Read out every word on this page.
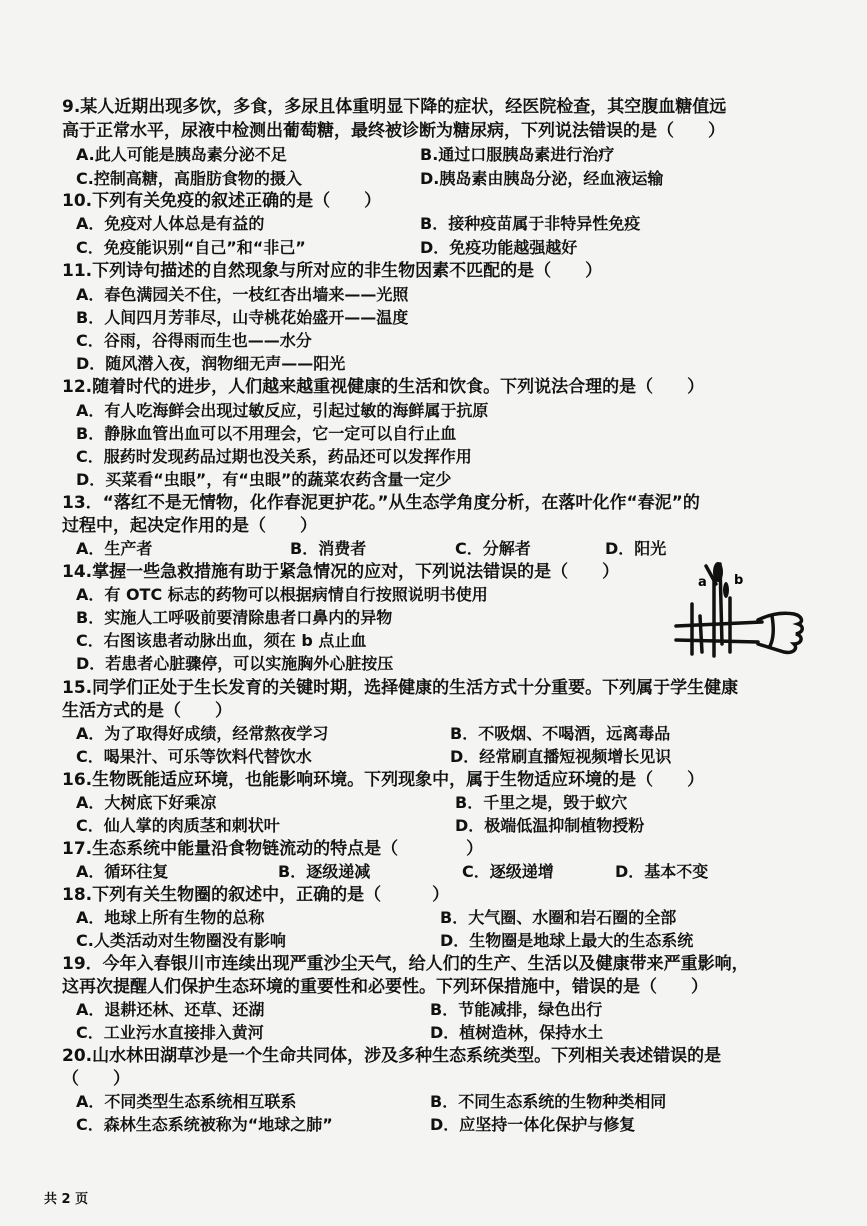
9.某人近期出现多饮，多食，多尿且体重明显下降的症状，经医院检查，其空腹血糖值远
高于正常水平，尿液中检测出葡萄糖，最终被诊断为糖尿病，下列说法错误的是（　　）
A.此人可能是胰岛素分泌不足	B.通过口服胰岛素进行治疗
C.控制高糖，高脂肪食物的摄入	D.胰岛素由胰岛分泌，经血液运输
10.下列有关免疫的叙述正确的是（　　）
A．免疫对人体总是有益的	B．接种疫苗属于非特异性免疫
C．免疫能识别“自己”和“非己”	D．免疫功能越强越好
11.下列诗句描述的自然现象与所对应的非生物因素不匹配的是（　　）
A．春色满园关不住，一枝红杏出墙来——光照
B．人间四月芳菲尽，山寺桃花始盛开——温度
C．谷雨，谷得雨而生也——水分
D．随风潜入夜，润物细无声——阳光
12.随着时代的进步，人们越来越重视健康的生活和饮食。下列说法合理的是（　　）
A．有人吃海鲜会出现过敏反应，引起过敏的海鲜属于抗原
B．静脉血管出血可以不用理会，它一定可以自行止血
C．服药时发现药品过期也没关系，药品还可以发挥作用
D．买菜看“虫眼”，有“虫眼”的蔬菜农药含量一定少
13．“落红不是无情物，化作春泥更护花。”从生态学角度分析，在落叶化作“春泥”的
过程中，起决定作用的是（　　）
A．生产者	B．消费者	C．分解者	D．阳光
14.掌握一些急救措施有助于紧急情况的应对，下列说法错误的是（　　）
A．有 OTC 标志的药物可以根据病情自行按照说明书使用
B．实施人工呼吸前要清除患者口鼻内的异物
C．右图该患者动脉出血，须在 b 点止血
D．若患者心脏骤停，可以实施胸外心脏按压
a b
15.同学们正处于生长发育的关键时期，选择健康的生活方式十分重要。下列属于学生健康
生活方式的是（　　）
A．为了取得好成绩，经常熬夜学习	B．不吸烟、不喝酒，远离毒品
C．喝果汁、可乐等饮料代替饮水	D．经常刷直播短视频增长见识
16.生物既能适应环境，也能影响环境。下列现象中，属于生物适应环境的是（　　）
A．大树底下好乘凉	B．千里之堤，毁于蚁穴
C．仙人掌的肉质茎和刺状叶	D．极端低温抑制植物授粉
17.生态系统中能量沿食物链流动的特点是（　　　　）
A．循环往复	B．逐级递减	C．逐级递增	D．基本不变
18.下列有关生物圈的叙述中，正确的是（　　　）
A．地球上所有生物的总称	B．大气圈、水圈和岩石圈的全部
C.人类活动对生物圈没有影响	D．生物圈是地球上最大的生态系统
19．今年入春银川市连续出现严重沙尘天气，给人们的生产、生活以及健康带来严重影响，
这再次提醒人们保护生态环境的重要性和必要性。下列环保措施中，错误的是（　　）
A．退耕还林、还草、还湖	B．节能减排，绿色出行
C．工业污水直接排入黄河	D．植树造林，保持水土
20.山水林田湖草沙是一个生命共同体，涉及多种生态系统类型。下列相关表述错误的是
（　　）
A．不同类型生态系统相互联系	B．不同生态系统的生物种类相同
C．森林生态系统被称为“地球之肺”	D．应坚持一体化保护与修复
共 2 页
